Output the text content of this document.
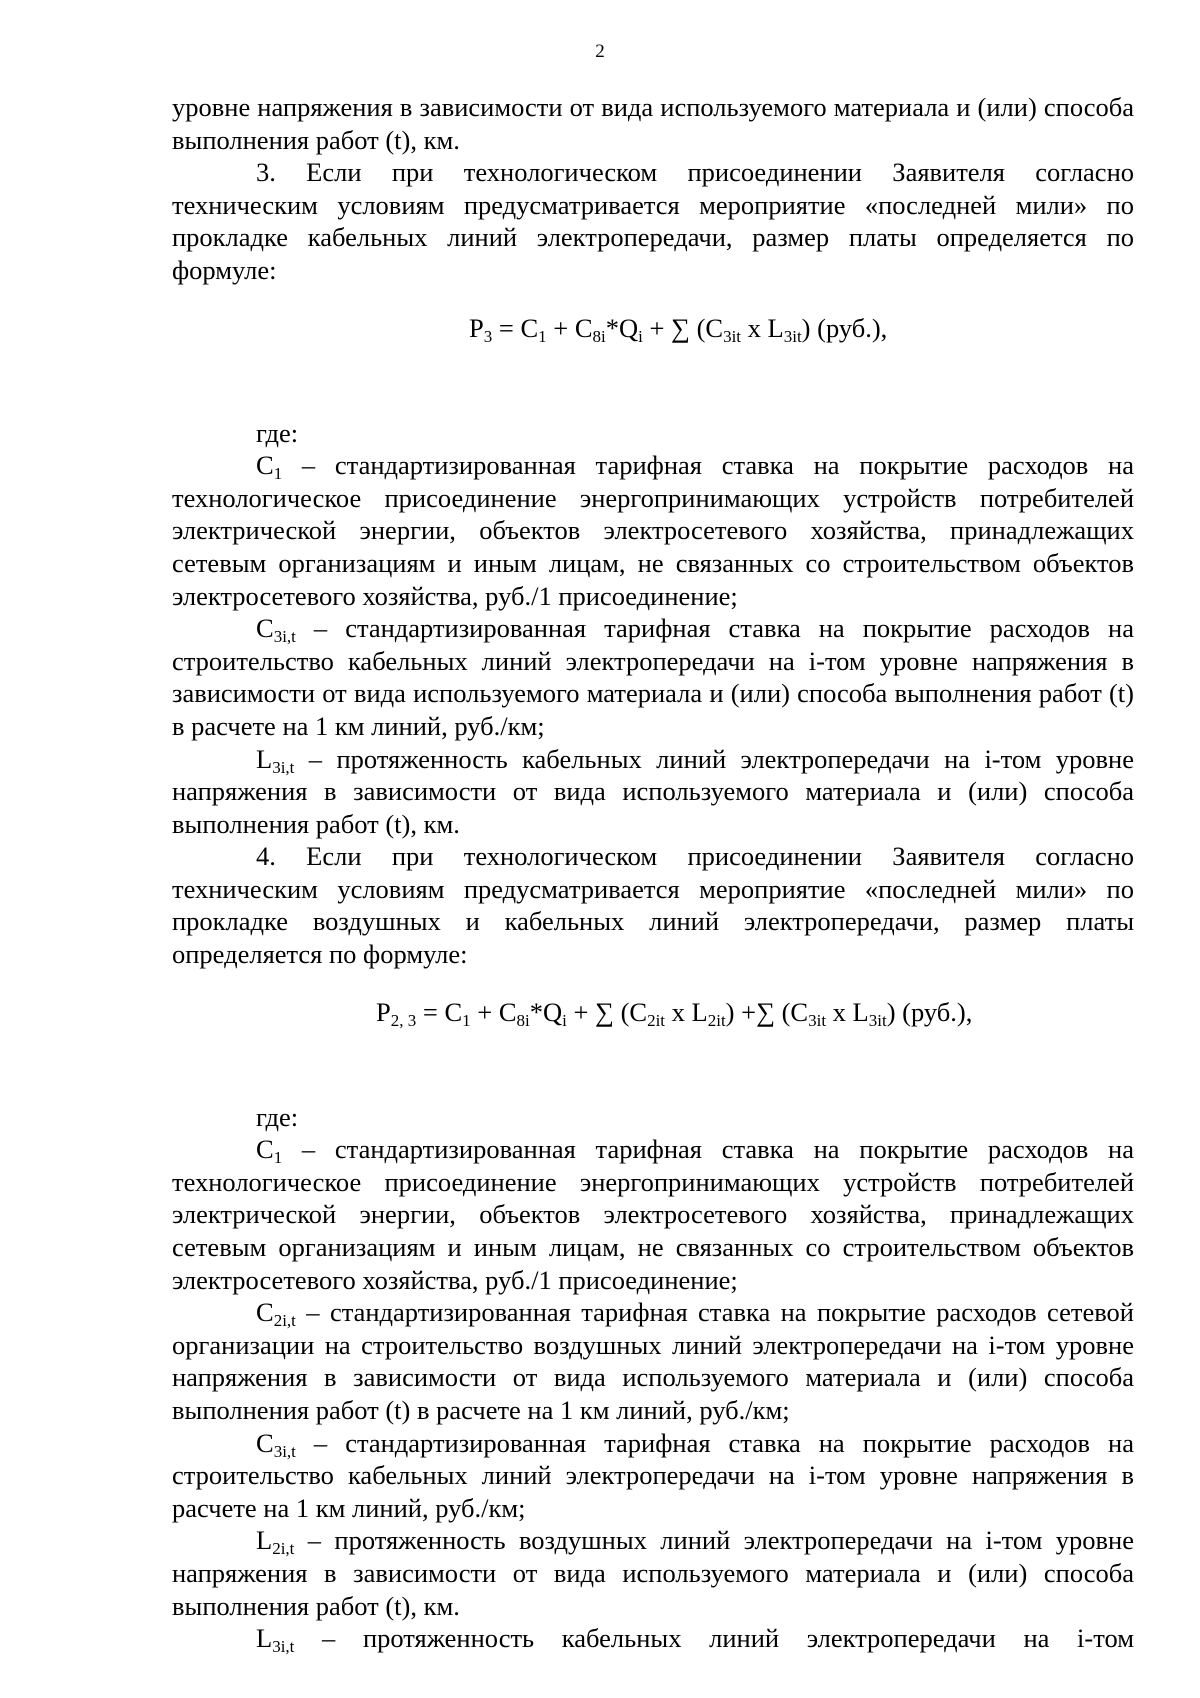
2

уровне напряжения в зависимости от вида используемого материала и (или) способа выполнения работ (t), км.

3. Если при технологическом присоединении Заявителя согласно техническим условиям предусматривается мероприятие «последней мили» по прокладке кабельных линий электропередачи, размер платы определяется по формуле:

$P_3 = C_1 + C_{8i}*Q_i$ + ∑ ($C_{3it}$ x $L_{3it}$) (руб.),

где:

$C_1$ – стандартизированная тарифная ставка на покрытие расходов на технологическое присоединение энергопринимающих устройств потребителей электрической энергии, объектов электросетевого хозяйства, принадлежащих сетевым организациям и иным лицам, не связанных со строительством объектов электросетевого хозяйства, руб./1 присоединение;

$C_{3i,t}$ – стандартизированная тарифная ставка на покрытие расходов на строительство кабельных линий электропередачи на i-том уровне напряжения в зависимости от вида используемого материала и (или) способа выполнения работ (t) в расчете на 1 км линий, руб./км;

$L_{3i,t}$ – протяженность кабельных линий электропередачи на i-том уровне напряжения в зависимости от вида используемого материала и (или) способа выполнения работ (t), км.

4. Если при технологическом присоединении Заявителя согласно техническим условиям предусматривается мероприятие «последней мили» по прокладке воздушных и кабельных линий электропередачи, размер платы определяется по формуле:

$P_{2, 3} = C_1 + C_{8i}*Q_i$ + ∑ ($C_{2it}$ x $L_{2it}$) +∑ ($C_{3it}$ x $L_{3it}$) (руб.),

где:

$C_1$ – стандартизированная тарифная ставка на покрытие расходов на технологическое присоединение энергопринимающих устройств потребителей электрической энергии, объектов электросетевого хозяйства, принадлежащих сетевым организациям и иным лицам, не связанных со строительством объектов электросетевого хозяйства, руб./1 присоединение;

$C_{2i,t}$ – стандартизированная тарифная ставка на покрытие расходов сетевой организации на строительство воздушных линий электропередачи на i-том уровне напряжения в зависимости от вида используемого материала и (или) способа выполнения работ (t) в расчете на 1 км линий, руб./км;

$C_{3i,t}$ – стандартизированная тарифная ставка на покрытие расходов на строительство кабельных линий электропередачи на i-том уровне напряжения в расчете на 1 км линий, руб./км;

$L_{2i,t}$ – протяженность воздушных линий электропередачи на i-том уровне напряжения в зависимости от вида используемого материала и (или) способа выполнения работ (t), км.

$L_{3i,t}$ – протяженность кабельных линий электропередачи на i-том
